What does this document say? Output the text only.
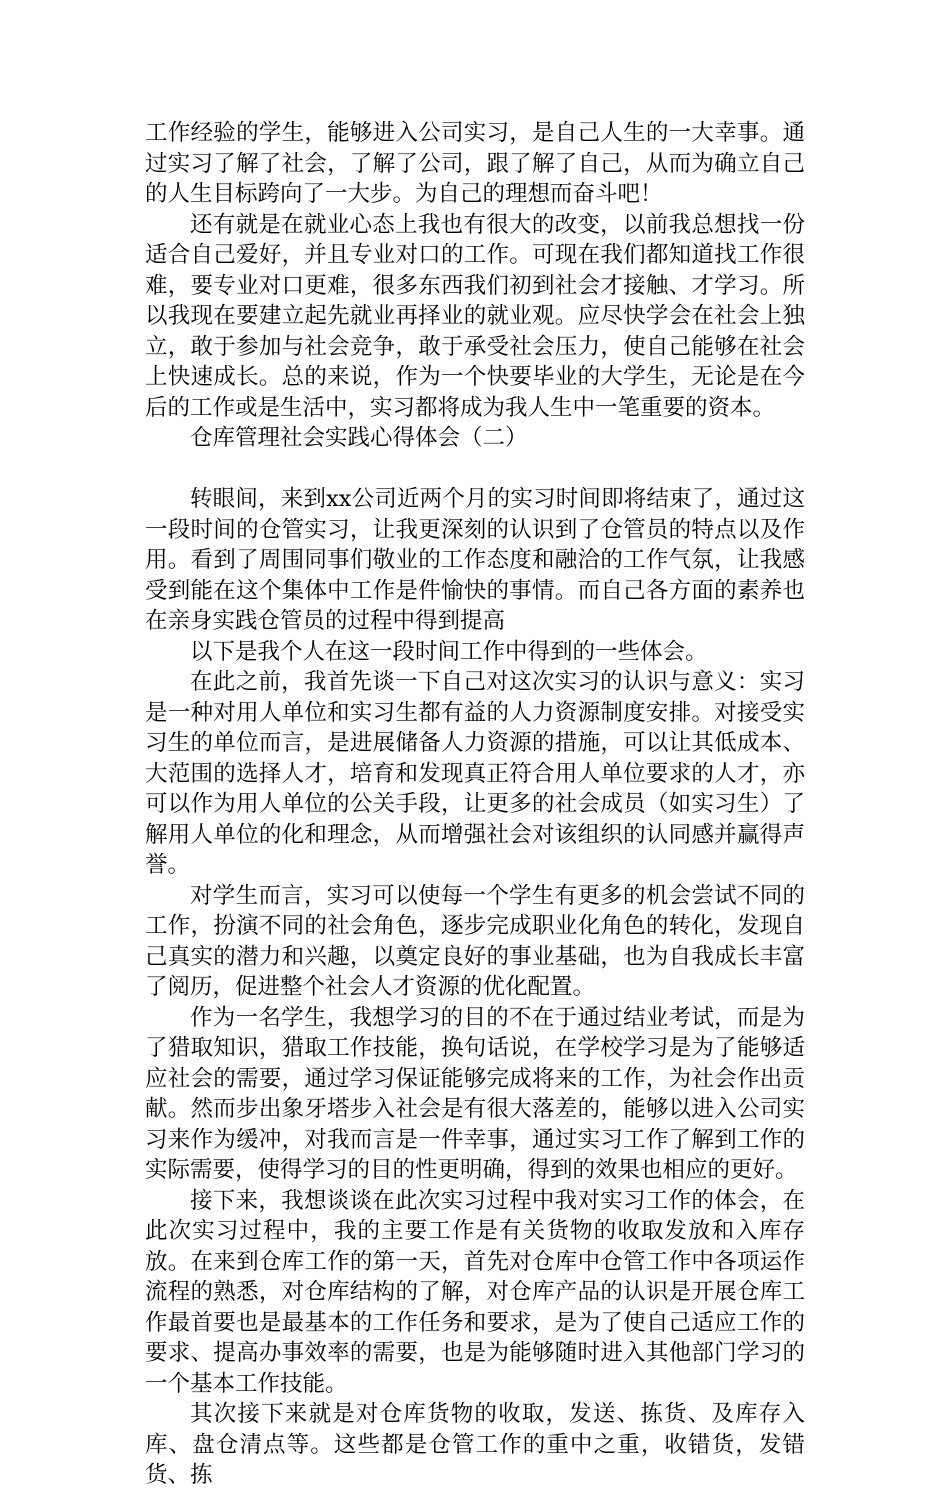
工作经验的学生，能够进入公司实习，是自己人生的一大幸事。通过实习了解了社会，了解了公司，跟了解了自己，从而为确立自己的人生目标跨向了一大步。为自己的理想而奋斗吧！

还有就是在就业心态上我也有很大的改变，以前我总想找一份适合自己爱好，并且专业对口的工作。可现在我们都知道找工作很难，要专业对口更难，很多东西我们初到社会才接触、才学习。所以我现在要建立起先就业再择业的就业观。应尽快学会在社会上独立，敢于参加与社会竞争，敢于承受社会压力，使自己能够在社会上快速成长。总的来说，作为一个快要毕业的大学生，无论是在今后的工作或是生活中，实习都将成为我人生中一笔重要的资本。

仓库管理社会实践心得体会（二）

转眼间，来到xx公司近两个月的实习时间即将结束了，通过这一段时间的仓管实习，让我更深刻的认识到了仓管员的特点以及作用。看到了周围同事们敬业的工作态度和融洽的工作气氛，让我感受到能在这个集体中工作是件愉快的事情。而自己各方面的素养也在亲身实践仓管员的过程中得到提高

以下是我个人在这一段时间工作中得到的一些体会。

在此之前，我首先谈一下自己对这次实习的认识与意义：实习是一种对用人单位和实习生都有益的人力资源制度安排。对接受实习生的单位而言，是进展储备人力资源的措施，可以让其低成本、大范围的选择人才，培育和发现真正符合用人单位要求的人才，亦可以作为用人单位的公关手段，让更多的社会成员（如实习生）了解用人单位的化和理念，从而增强社会对该组织的认同感并赢得声誉。

对学生而言，实习可以使每一个学生有更多的机会尝试不同的工作，扮演不同的社会角色，逐步完成职业化角色的转化，发现自己真实的潜力和兴趣，以奠定良好的事业基础，也为自我成长丰富了阅历，促进整个社会人才资源的优化配置。

作为一名学生，我想学习的目的不在于通过结业考试，而是为了猎取知识，猎取工作技能，换句话说，在学校学习是为了能够适应社会的需要，通过学习保证能够完成将来的工作，为社会作出贡献。然而步出象牙塔步入社会是有很大落差的，能够以进入公司实习来作为缓冲，对我而言是一件幸事，通过实习工作了解到工作的实际需要，使得学习的目的性更明确，得到的效果也相应的更好。

接下来，我想谈谈在此次实习过程中我对实习工作的体会，在此次实习过程中，我的主要工作是有关货物的收取发放和入库存放。在来到仓库工作的第一天，首先对仓库中仓管工作中各项运作流程的熟悉，对仓库结构的了解，对仓库产品的认识是开展仓库工作最首要也是最基本的工作任务和要求，是为了使自己适应工作的要求、提高办事效率的需要，也是为能够随时进入其他部门学习的一个基本工作技能。

其次接下来就是对仓库货物的收取，发送、拣货、及库存入库、盘仓清点等。这些都是仓管工作的重中之重，收错货，发错货、拣
